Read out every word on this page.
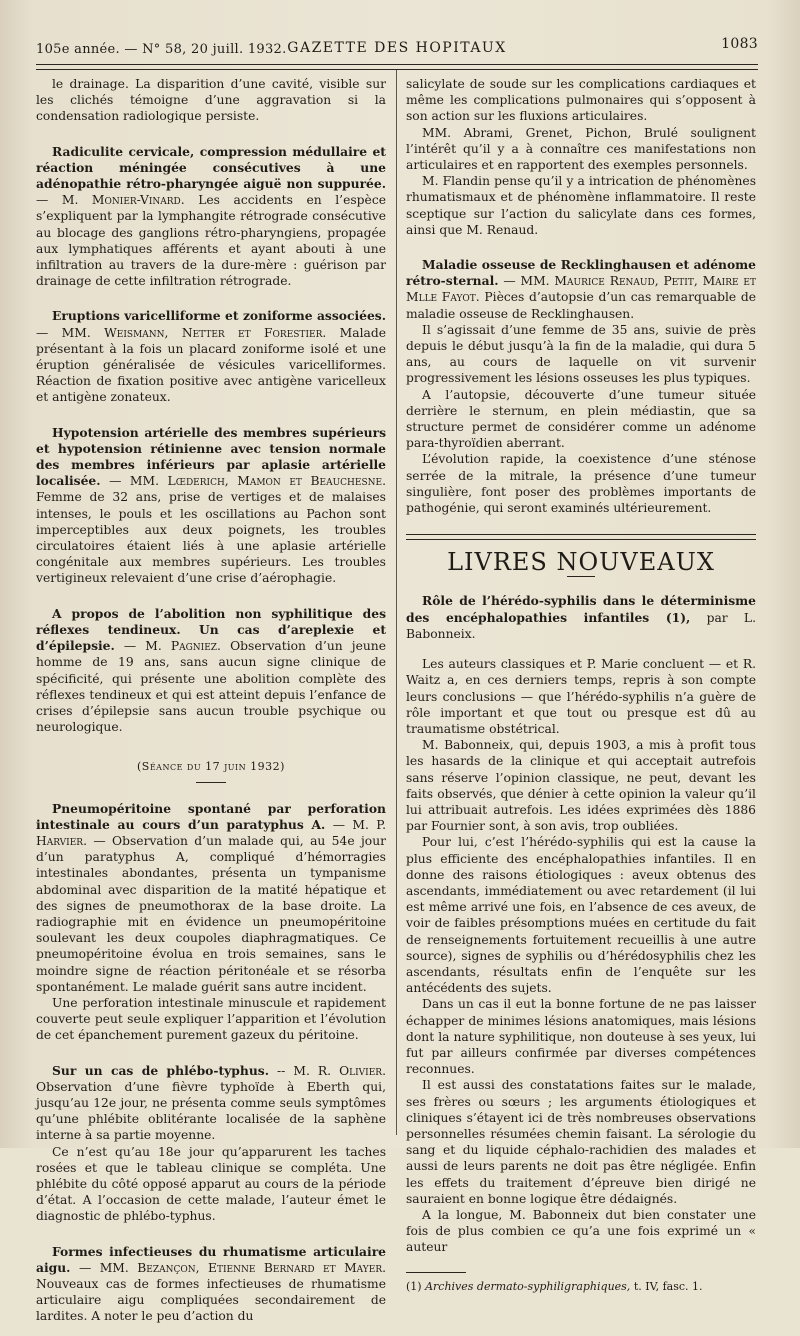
105e année. — N° 58, 20 juill. 1932. GAZETTE DES HOPITAUX	1083

le drainage. La disparition d’une cavité, visible sur les clichés témoigne d’une aggravation si la condensation radiologique persiste.

Radiculite cervicale, compression médullaire et réaction méningée consécutives à une adénopathie rétro-pharyngée aiguë non suppurée. — M. Monier-Vinard. Les accidents en l’espèce s’expliquent par la lymphangite rétrograde consécutive au blocage des ganglions rétro-pharyngiens, propagée aux lymphatiques afférents et ayant abouti à une infiltration au travers de la dure-mère : guérison par drainage de cette infiltration rétrograde.

Eruptions varicelliforme et zoniforme associées. — MM. Weismann, Netter et Forestier. Malade présentant à la fois un placard zoniforme isolé et une éruption généralisée de vésicules varicelliformes. Réaction de fixation positive avec antigène varicelleux et antigène zonateux.

Hypotension artérielle des membres supérieurs et hypotension rétinienne avec tension normale des membres inférieurs par aplasie artérielle localisée. — MM. Lœderich, Mamon et Beauchesne. Femme de 32 ans, prise de vertiges et de malaises intenses, le pouls et les oscillations au Pachon sont imperceptibles aux deux poignets, les troubles circulatoires étaient liés à une aplasie artérielle congénitale aux membres supérieurs. Les troubles vertigineux relevaient d’une crise d’aérophagie.

A propos de l’abolition non syphilitique des réflexes tendineux. Un cas d’areplexie et d’épilepsie. — M. Pagniez. Observation d’un jeune homme de 19 ans, sans aucun signe clinique de spécificité, qui présente une abolition complète des réflexes tendineux et qui est atteint depuis l’enfance de crises d’épilepsie sans aucun trouble psychique ou neurologique.

(Séance du 17 juin 1932)

Pneumopéritoine spontané par perforation intestinale au cours d’un paratyphus A. — M. P. Harvier. — Observation d’un malade qui, au 54e jour d’un paratyphus A, compliqué d’hémorragies intestinales abondantes, présenta un tympanisme abdominal avec disparition de la matité hépatique et des signes de pneumothorax de la base droite. La radiographie mit en évidence un pneumopéritoine soulevant les deux coupoles diaphragmatiques. Ce pneumopéritoine évolua en trois semaines, sans le moindre signe de réaction péritonéale et se résorba spontanément. Le malade guérit sans autre incident.

Une perforation intestinale minuscule et rapidement couverte peut seule expliquer l’apparition et l’évolution de cet épanchement purement gazeux du péritoine.

Sur un cas de phlébo-typhus. -- M. R. Olivier. Observation d’une fièvre typhoïde à Eberth qui, jusqu’au 12e jour, ne présenta comme seuls symptômes qu’une phlébite oblitérante localisée de la saphène interne à sa partie moyenne.

Ce n’est qu’au 18e jour qu’apparurent les taches rosées et que le tableau clinique se compléta. Une phlébite du côté opposé apparut au cours de la période d’état. A l’occasion de cette malade, l’auteur émet le diagnostic de phlébo-typhus.

Formes infectieuses du rhumatisme articulaire aigu. — MM. Bezançon, Etienne Bernard et Mayer. Nouveaux cas de formes infectieuses de rhumatisme articulaire aigu compliquées secondairement de lardites. A noter le peu d’action du

salicylate de soude sur les complications cardiaques et même les complications pulmonaires qui s’opposent à son action sur les fluxions articulaires.

MM. Abrami, Grenet, Pichon, Brulé soulignent l’intérêt qu’il y a à connaître ces manifestations non articulaires et en rapportent des exemples personnels.

M. Flandin pense qu’il y a intrication de phénomènes rhumatismaux et de phénomène inflammatoire. Il reste sceptique sur l’action du salicylate dans ces formes, ainsi que M. Renaud.

Maladie osseuse de Recklinghausen et adénome rétro-sternal. — MM. Maurice Renaud, Petit, Maire et Mlle Fayot. Pièces d’autopsie d’un cas remarquable de maladie osseuse de Recklinghausen.

Il s’agissait d’une femme de 35 ans, suivie de près depuis le début jusqu’à la fin de la maladie, qui dura 5 ans, au cours de laquelle on vit survenir progressivement les lésions osseuses les plus typiques.

A l’autopsie, découverte d’une tumeur située derrière le sternum, en plein médiastin, que sa structure permet de considérer comme un adénome para-thyroïdien aberrant.

L’évolution rapide, la coexistence d’une sténose serrée de la mitrale, la présence d’une tumeur singulière, font poser des problèmes importants de pathogénie, qui seront examinés ultérieurement.

LIVRES NOUVEAUX

Rôle de l’hérédo-syphilis dans le déterminisme des encéphalopathies infantiles (1), par L. Babonneix.

Les auteurs classiques et P. Marie concluent — et R. Waitz a, en ces derniers temps, repris à son compte leurs conclusions — que l’hérédo-syphilis n’a guère de rôle important et que tout ou presque est dû au traumatisme obstétrical.

M. Babonneix, qui, depuis 1903, a mis à profit tous les hasards de la clinique et qui acceptait autrefois sans réserve l’opinion classique, ne peut, devant les faits observés, que dénier à cette opinion la valeur qu’il lui attribuait autrefois. Les idées exprimées dès 1886 par Fournier sont, à son avis, trop oubliées.

Pour lui, c’est l’hérédo-syphilis qui est la cause la plus efficiente des encéphalopathies infantiles. Il en donne des raisons étiologiques : aveux obtenus des ascendants, immédiatement ou avec retardement (il lui est même arrivé une fois, en l’absence de ces aveux, de voir de faibles présomptions muées en certitude du fait de renseignements fortuitement recueillis à une autre source), signes de syphilis ou d’hérédosyphilis chez les ascendants, résultats enfin de l’enquête sur les antécédents des sujets.

Dans un cas il eut la bonne fortune de ne pas laisser échapper de minimes lésions anatomiques, mais lésions dont la nature syphilitique, non douteuse à ses yeux, lui fut par ailleurs confirmée par diverses compétences reconnues.

Il est aussi des constatations faites sur le malade, ses frères ou sœurs ; les arguments étiologiques et cliniques s’étayent ici de très nombreuses observations personnelles résumées chemin faisant. La sérologie du sang et du liquide céphalo-rachidien des malades et aussi de leurs parents ne doit pas être négligée. Enfin les effets du traitement d’épreuve bien dirigé ne sauraient en bonne logique être dédaignés.

A la longue, M. Babonneix dut bien constater une fois de plus combien ce qu’a une fois exprimé un « auteur

(1) Archives dermato-syphiligraphiques, t. IV, fasc. 1.
